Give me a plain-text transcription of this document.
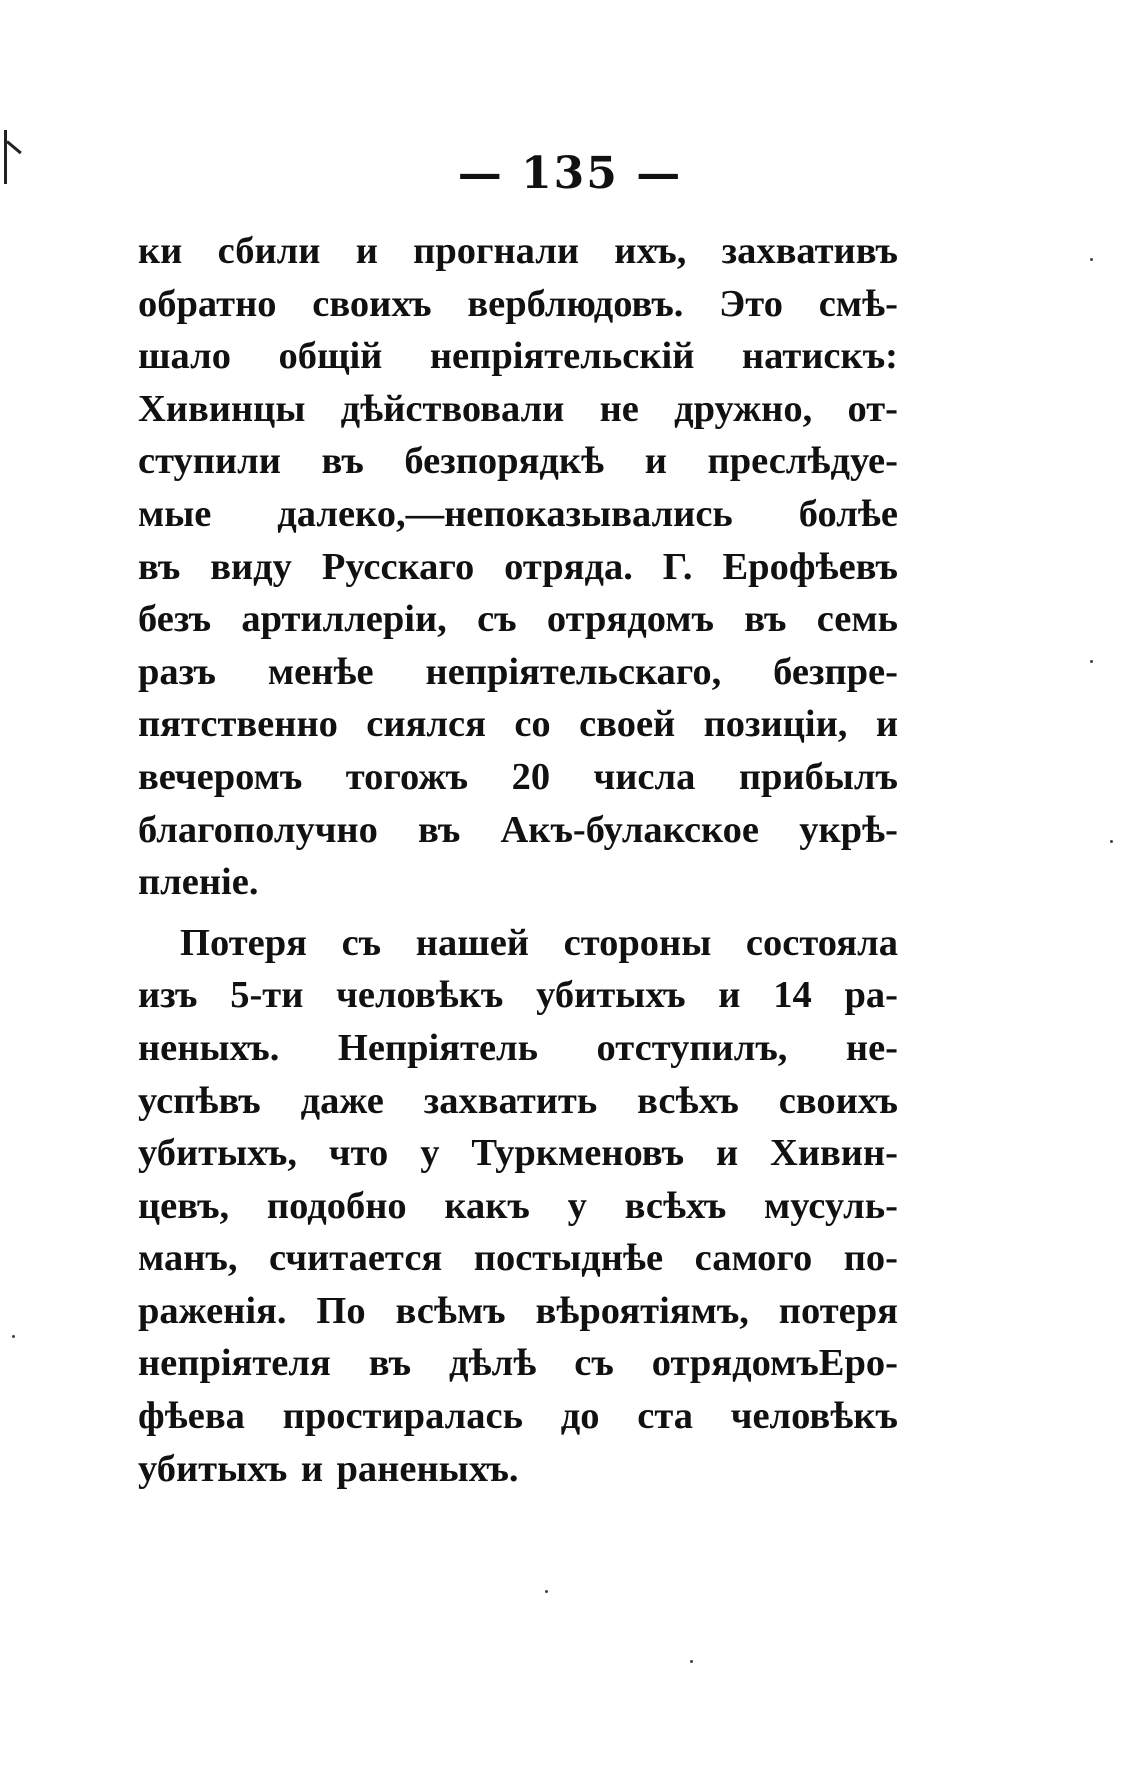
— 135 —
ки сбили и прогнали ихъ, захвативъ
обратно своихъ верблюдовъ. Это смѣ-
шало общій непріятельскій натискъ:
Хивинцы дѣйствовали не дружно, от-
ступили въ безпорядкѣ и преслѣдуе-
мые далеко,—непоказывались болѣе
въ виду Русскаго отряда. Г. Ерофѣевъ
безъ артиллеріи, съ отрядомъ въ семь
разъ менѣе непріятельскаго, безпре-
пятственно сиялся со своей позиціи, и
вечеромъ тогожъ 20 числа прибылъ
благополучно въ Акъ-булакское укрѣ-
пленіе.
Потеря съ нашей стороны состояла
изъ 5-ти человѣкъ убитыхъ и 14 ра-
неныхъ. Непріятель отступилъ, не-
успѣвъ даже захватить всѣхъ своихъ
убитыхъ, что у Туркменовъ и Хивин-
цевъ, подобно какъ у всѣхъ мусуль-
манъ, считается постыднѣе самого по-
раженія. По всѣмъ вѣроятіямъ, потеря
непріятеля въ дѣлѣ съ отрядомъЕро-
фѣева простиралась до ста человѣкъ
убитыхъ и раненыхъ.
